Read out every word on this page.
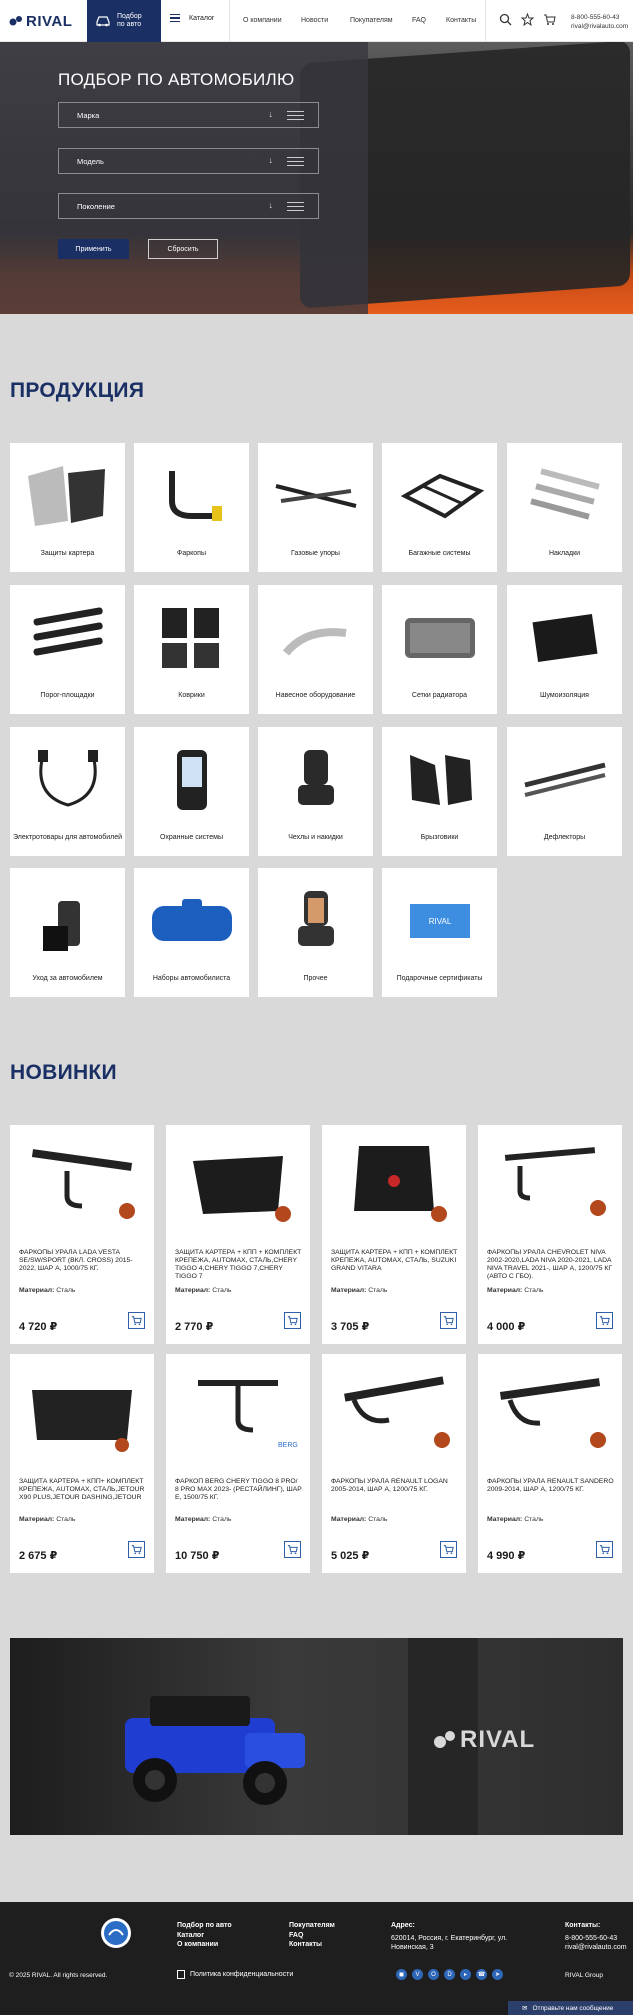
RIVAL	Подбор
по авто
Каталог	О компании	Новости	Покупателям	FAQ	Контакты	8-800-555-60-43
rival@rivalauto.com
ПОДБОР ПО АВТОМОБИЛЮ
Марка	↓
Модель	↓
Поколение	↓
Применить	Сбросить
ПРОДУКЦИЯ
Защиты картера	Фаркопы	Газовые упоры	Багажные системы	Накладки
Порог-площадки	Коврики	Навесное оборудование	Сетки радиатора	Шумоизоляция
Электротовары для автомобилей	Охранные системы	Чехлы и накидки	Брызговики	Дефлекторы
Уход за автомобилем	Наборы автомобилиста	Прочее
RIVAL
Подарочные сертификаты
НОВИНКИ
ФАРКОПЫ УРАЛА LADA VESTA SE/SW/SPORT (ВКЛ. CROSS) 2015-2022, ШАР А, 1000/75 КГ.
Материал: Сталь
4 720 ₽
ЗАЩИТА КАРТЕРА + КПП + КОМПЛЕКТ КРЕПЕЖА, AUTOMAX, СТАЛЬ,CHERY TIGGO 4,CHERY TIGGO 7,CHERY TIGGO 7
Материал: Сталь
2 770 ₽
ЗАЩИТА КАРТЕРА + КПП + КОМПЛЕКТ КРЕПЕЖА, AUTOMAX, СТАЛЬ, SUZUKI GRAND VITARA
Материал: Сталь
3 705 ₽
ФАРКОПЫ УРАЛА CHEVROLET NIVA 2002-2020,LADA NIVA 2020-2021, LADA NIVA TRAVEL 2021-, ШАР А, 1200/75 КГ (АВТО С ГБО).
Материал: Сталь
4 000 ₽
ЗАЩИТА КАРТЕРА + КПП+ КОМПЛЕКТ КРЕПЕЖА, AUTOMAX, СТАЛЬ,JETOUR X90 PLUS,JETOUR DASHING,JETOUR
Материал: Сталь
2 675 ₽
BERG
ФАРКОП BERG CHERY TIGGO 8 PRO/ 8 PRO MAX 2023- (РЕСТАЙЛИНГ), ШАР E, 1500/75 КГ.
Материал: Сталь
10 750 ₽
ФАРКОПЫ УРАЛА RENAULT LOGAN 2005-2014, ШАР А, 1200/75 КГ.
Материал: Сталь
5 025 ₽
ФАРКОПЫ УРАЛА RENAULT SANDERO 2009-2014, ШАР А, 1200/75 КГ.
Материал: Сталь
4 990 ₽
RIVAL
Подбор по авто
Каталог
О компании
Покупателям
FAQ
Контакты
Адрес:
620014, Россия, г. Екатеринбург, ул. Новинская, 3
Контакты:
8-800-555-60-43
rival@rivalauto.com
© 2025 RIVAL. All rights reserved.	Политика конфиденциальности	◼	V	O	D	▸	☎	➤	RIVAL Group
✉ Отправьте нам сообщение
